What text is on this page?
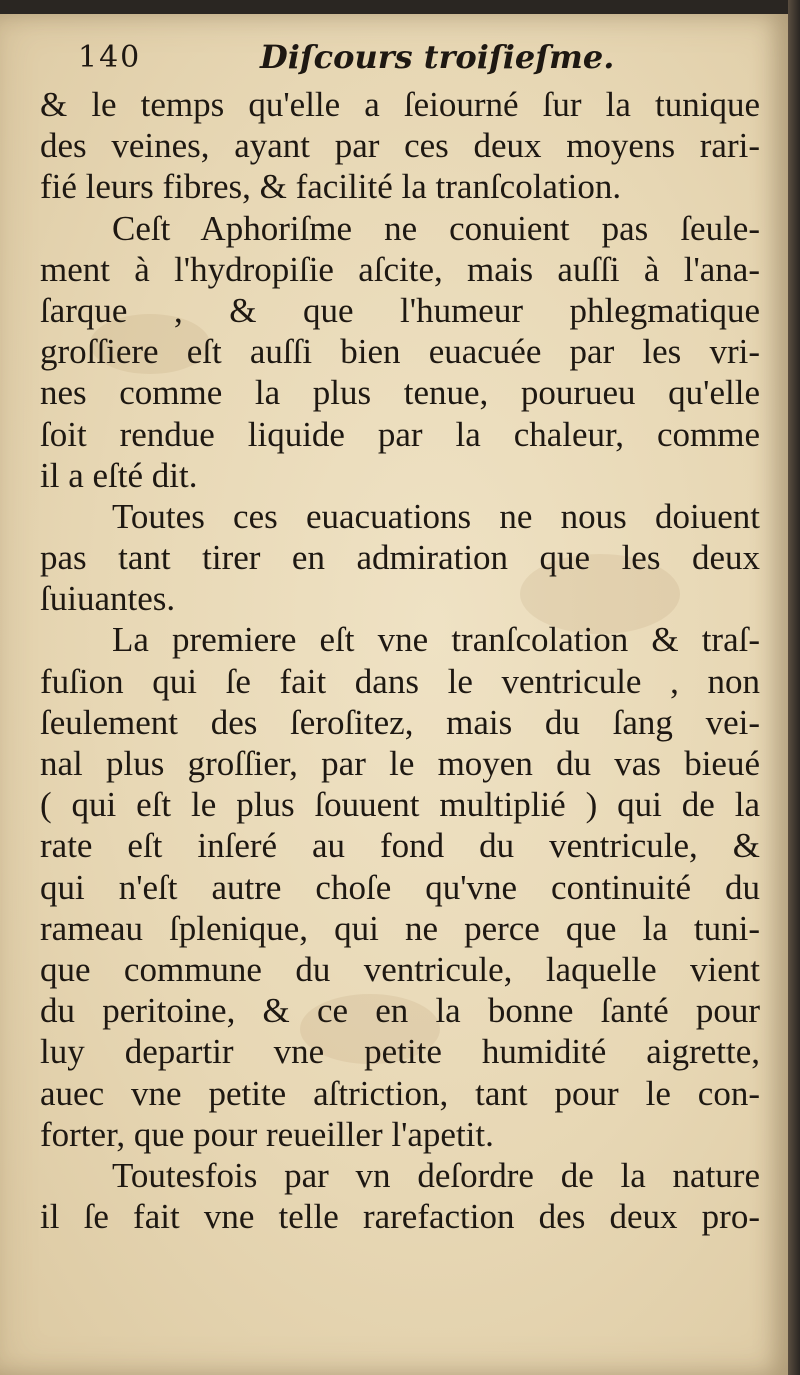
140	Diſcours troiſieſme.
& le temps qu'elle a ſeiourné ſur la tunique
des veines, ayant par ces deux moyens rari-
fié leurs fibres, & facilité la tranſcolation.
Ceſt Aphoriſme ne conuient pas ſeule-
ment à l'hydropiſie aſcite, mais auſſi à l'ana-
ſarque , & que l'humeur phlegmatique
groſſiere eſt auſſi bien euacuée par les vri-
nes comme la plus tenue, pourueu qu'elle
ſoit rendue liquide par la chaleur, comme
il a eſté dit.
Toutes ces euacuations ne nous doiuent
pas tant tirer en admiration que les deux
ſuiuantes.
La premiere eſt vne tranſcolation & traſ-
fuſion qui ſe fait dans le ventricule , non
ſeulement des ſeroſitez, mais du ſang vei-
nal plus groſſier, par le moyen du vas bieué
( qui eſt le plus ſouuent multiplié ) qui de la
rate eſt inſeré au fond du ventricule, &
qui n'eſt autre choſe qu'vne continuité du
rameau ſplenique, qui ne perce que la tuni-
que commune du ventricule, laquelle vient
du peritoine, & ce en la bonne ſanté pour
luy departir vne petite humidité aigrette,
auec vne petite aſtriction, tant pour le con-
forter, que pour reueiller l'apetit.
Toutesfois par vn deſordre de la nature
il ſe fait vne telle rarefaction des deux pro-
